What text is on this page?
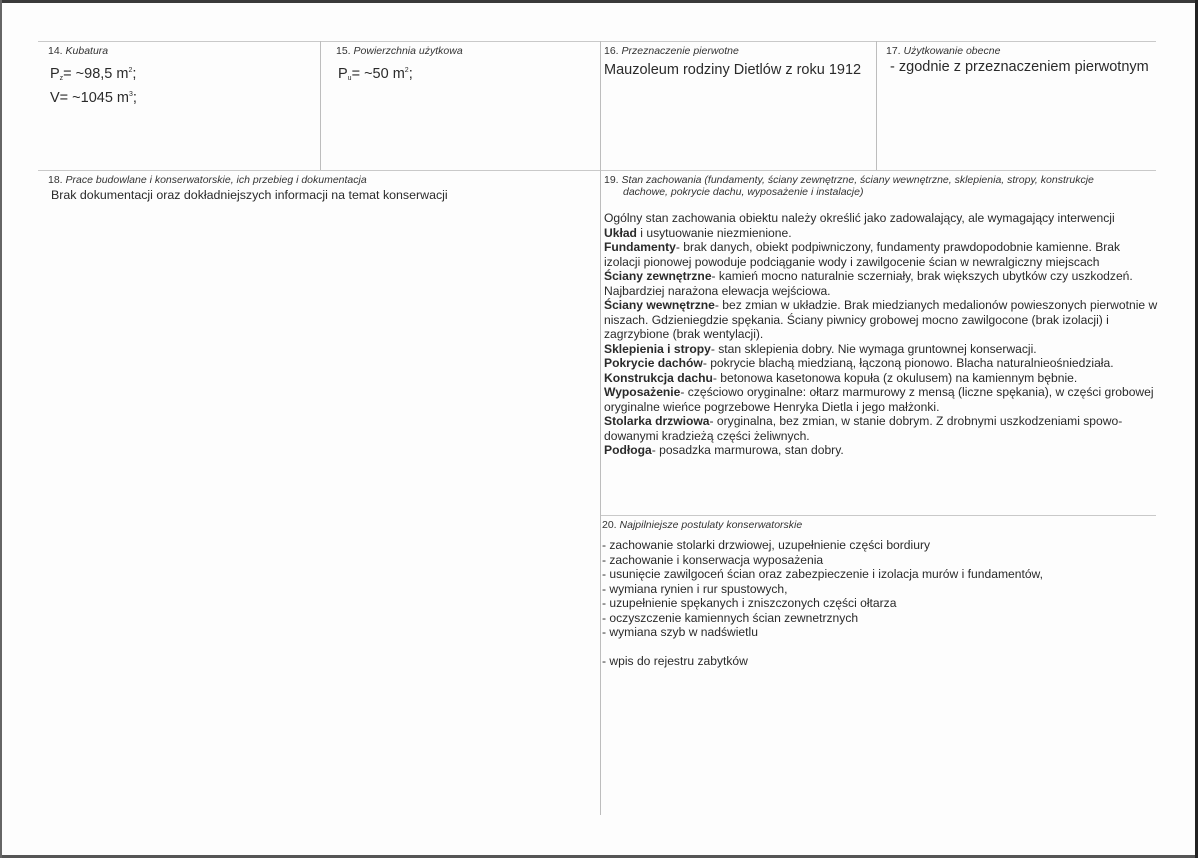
14. Kubatura
$P_z=$ ~98,5 $m^2$;
V= ~1045 $m^3$;
15. Powierzchnia użytkowa
$P_u=$ ~50 $m^2$;
16. Przeznaczenie pierwotne
Mauzoleum rodziny Dietlów z roku 1912
17. Użytkowanie obecne
- zgodnie z przeznaczeniem pierwotnym
18. Prace budowlane i konserwatorskie, ich przebieg i dokumentacja
Brak dokumentacji oraz dokładniejszych informacji na temat konserwacji
19. Stan zachowania (fundamenty, ściany zewnętrzne, ściany wewnętrzne, sklepienia, stropy, konstrukcje
dachowe, pokrycie dachu, wyposażenie i instalacje)
Ogólny stan zachowania obiektu należy określić jako zadowalający, ale wymagający interwencji
Układ i usytuowanie niezmienione.
Fundamenty- brak danych, obiekt podpiwniczony, fundamenty prawdopodobnie kamienne. Brak izolacji pionowej powoduje podciąganie wody i zawilgocenie ścian w newralgiczny miejscach
Ściany zewnętrzne- kamień mocno naturalnie sczerniały, brak większych ubytków czy uszkodzeń. Najbardziej narażona elewacja wejściowa.
Ściany wewnętrzne- bez zmian w układzie. Brak miedzianych medalionów powieszonych pierwotnie w niszach. Gdzieniegdzie spękania. Ściany piwnicy grobowej mocno zawilgocone (brak izolacji) i zagrzybione (brak wentylacji).
Sklepienia i stropy- stan sklepienia dobry. Nie wymaga gruntownej konserwacji.
Pokrycie dachów- pokrycie blachą miedzianą, łączoną pionowo. Blacha naturalnieośniedziała.
Konstrukcja dachu- betonowa kasetonowa kopuła (z okulusem) na kamiennym bębnie.
Wyposażenie- częściowo oryginalne: ołtarz marmurowy z mensą (liczne spękania), w części grobowej oryginalne wieńce pogrzebowe Henryka Dietla i jego małżonki.
Stolarka drzwiowa- oryginalna, bez zmian, w stanie dobrym. Z drobnymi uszkodzeniami spowo-dowanymi kradzieżą części żeliwnych.
Podłoga- posadzka marmurowa, stan dobry.
20. Najpilniejsze postulaty konserwatorskie
- zachowanie stolarki drzwiowej, uzupełnienie części bordiury
- zachowanie i konserwacja wyposażenia
- usunięcie zawilgoceń ścian oraz zabezpieczenie i izolacja murów i fundamentów,
- wymiana rynien i rur spustowych,
- uzupełnienie spękanych i zniszczonych części ołtarza
- oczyszczenie kamiennych ścian zewnetrznych
- wymiana szyb w nadświetlu
- wpis do rejestru zabytków
